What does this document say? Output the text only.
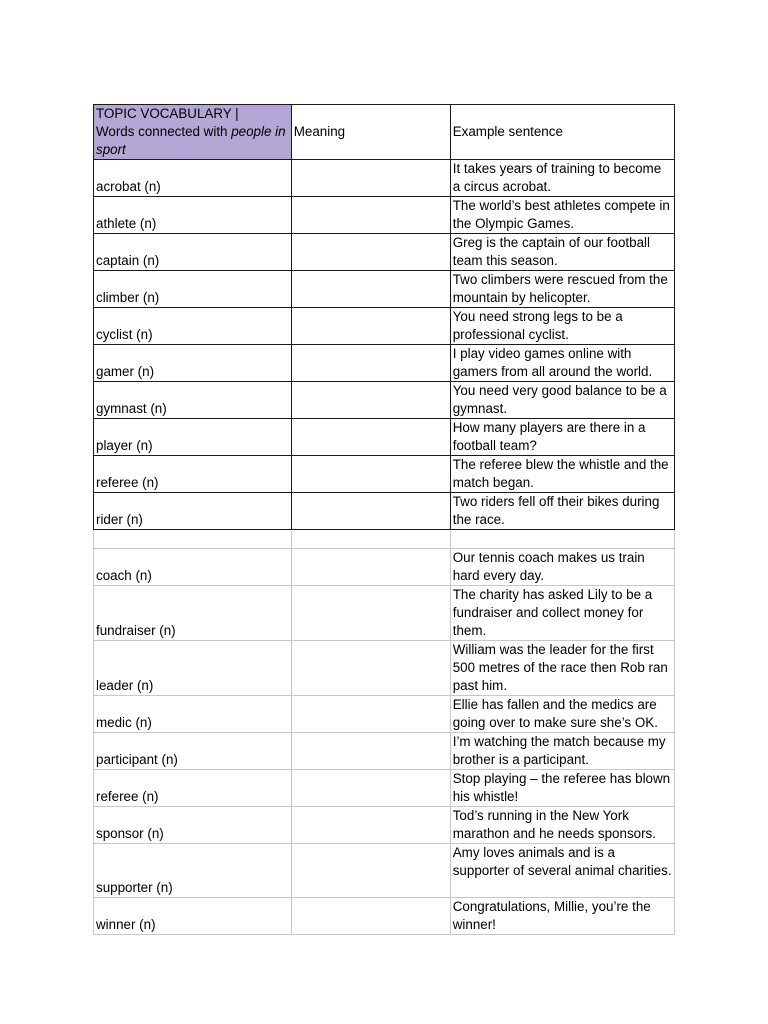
TOPIC VOCABULARY |
Words connected with people in sport	Meaning	Example sentence
acrobat (n)		It takes years of training to become a circus acrobat.
athlete (n)		The world’s best athletes compete in the Olympic Games.
captain (n)		Greg is the captain of our football team this season.
climber (n)		Two climbers were rescued from the mountain by helicopter.
cyclist (n)		You need strong legs to be a professional cyclist.
gamer (n)		I play video games online with gamers from all around the world.
gymnast (n)		You need very good balance to be a gymnast.
player (n)		How many players are there in a football team?
referee (n)		The referee blew the whistle and the match began.
rider (n)		Two riders fell off their bikes during the race.

coach (n)		Our tennis coach makes us train hard every day.
fundraiser (n)		The charity has asked Lily to be a fundraiser and collect money for them.
leader (n)		William was the leader for the first 500 metres of the race then Rob ran past him.
medic (n)		Ellie has fallen and the medics are going over to make sure she’s OK.
participant (n)		I’m watching the match because my brother is a participant.
referee (n)		Stop playing – the referee has blown his whistle!
sponsor (n)		Tod’s running in the New York marathon and he needs sponsors.
supporter (n)		Amy loves animals and is a supporter of several animal charities.
winner (n)		Congratulations, Millie, you’re the winner!
